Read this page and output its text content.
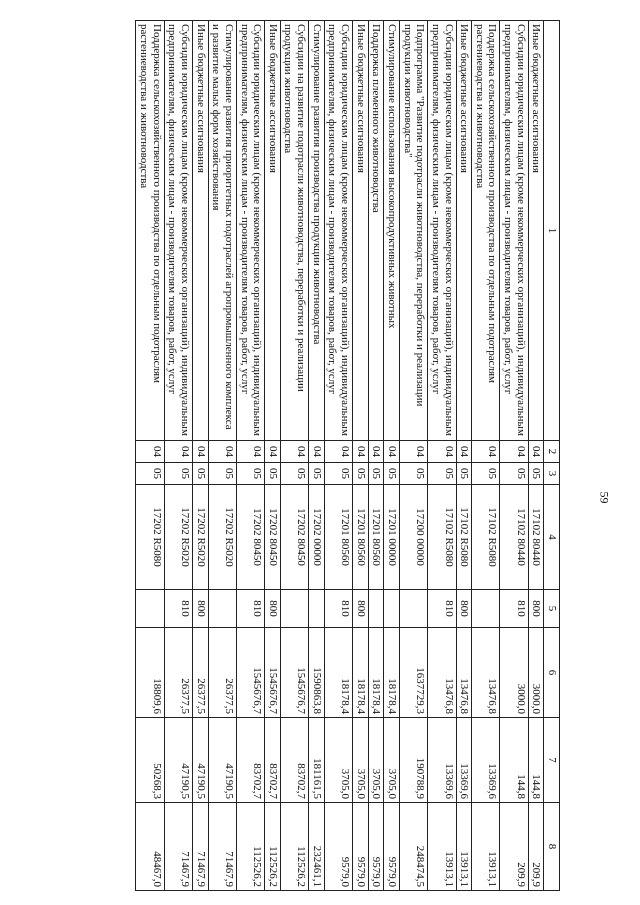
59
1	2	3	4	5	6	7	8
Иные бюджетные ассигнования	04	05	17102 80440	800	3000,0	144,8	209,9
Субсидии юридическим лицам (кроме некоммерческих организаций), индивидуальным предпринимателям, физическим лицам - производителям товаров, работ, услуг	04	05	17102 80440	810	3000,0	144,8	209,9
Поддержка сельскохозяйственного производства по отдельным подотраслям растениеводства и животноводства	04	05	17102 R5080		13476,8	13369,6	13913,1
Иные бюджетные ассигнования	04	05	17102 R5080	800	13476,8	13369,6	13913,1
Субсидии юридическим лицам (кроме некоммерческих организаций), индивидуальным предпринимателям, физическим лицам - производителям товаров, работ, услуг	04	05	17102 R5080	810	13476,8	13369,6	13913,1
Подпрограмма "Развитие подотрасли животноводства, переработки и реализации продукции животноводства"	04	05	17200 00000		1637729,3	190788,9	248474,5
Стимулирование использования высокопродуктивных животных	04	05	17201 00000		18178,4	3705,0	9579,0
Поддержка племенного животноводства	04	05	17201 80560		18178,4	3705,0	9579,0
Иные бюджетные ассигнования	04	05	17201 80560	800	18178,4	3705,0	9579,0
Субсидии юридическим лицам (кроме некоммерческих организаций), индивидуальным предпринимателям, физическим лицам - производителям товаров, работ, услуг	04	05	17201 80560	810	18178,4	3705,0	9579,0
Стимулирование развития производства продукции животноводства	04	05	17202 00000		1590863,8	181161,5	232461,1
Субсидии на развитие подотрасли животноводства, переработки и реализации продукции животноводства	04	05	17202 80450		1545676,7	83702,7	112526,2
Иные бюджетные ассигнования	04	05	17202 80450	800	1545676,7	83702,7	112526,2
Субсидии юридическим лицам (кроме некоммерческих организаций), индивидуальным предпринимателям, физическим лицам - производителям товаров, работ, услуг	04	05	17202 80450	810	1545676,7	83702,7	112526,2
Стимулирование развития приоритетных подотраслей агропромышленного комплекса и развитие малых форм хозяйствования	04	05	17202 R5020		26377,5	47190,5	71467,9
Иные бюджетные ассигнования	04	05	17202 R5020	800	26377,5	47190,5	71467,9
Субсидии юридическим лицам (кроме некоммерческих организаций), индивидуальным предпринимателям, физическим лицам - производителям товаров, работ, услуг	04	05	17202 R5020	810	26377,5	47190,5	71467,9
Поддержка сельскохозяйственного производства по отдельным подотраслям растениеводства и животноводства	04	05	17202 R5080		18809,6	50268,3	48467,0
